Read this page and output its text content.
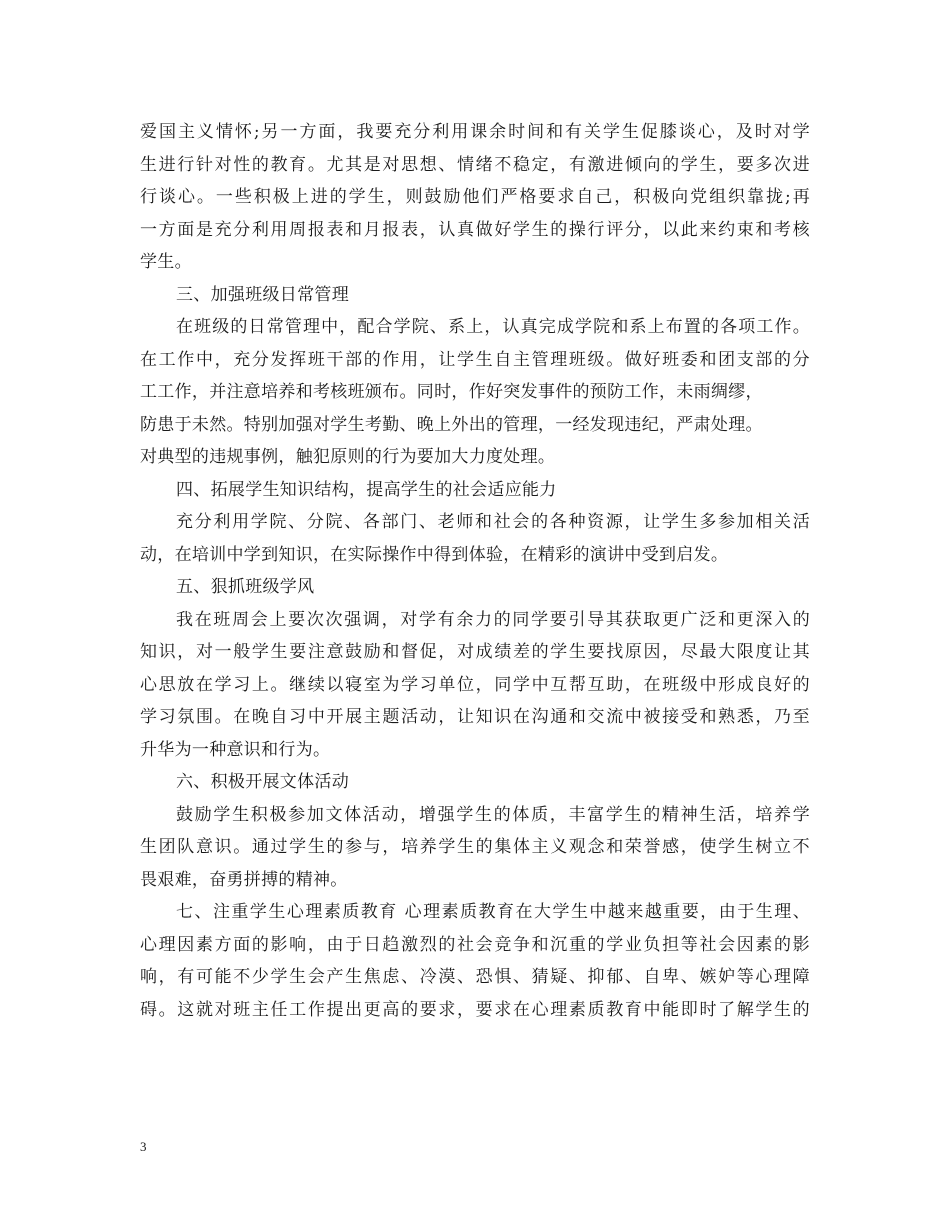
爱国主义情怀;另一方面，我要充分利用课余时间和有关学生促膝谈心，及时对学
生进行针对性的教育。尤其是对思想、情绪不稳定，有激进倾向的学生，要多次进
行谈心。一些积极上进的学生，则鼓励他们严格要求自己，积极向党组织靠拢;再
一方面是充分利用周报表和月报表，认真做好学生的操行评分，以此来约束和考核
学生。
三、加强班级日常管理
在班级的日常管理中，配合学院、系上，认真完成学院和系上布置的各项工作。
在工作中，充分发挥班干部的作用，让学生自主管理班级。做好班委和团支部的分
工工作，并注意培养和考核班颁布。同时，作好突发事件的预防工作，未雨绸缪，
防患于未然。特别加强对学生考勤、晚上外出的管理，一经发现违纪，严肃处理。
对典型的违规事例，触犯原则的行为要加大力度处理。
四、拓展学生知识结构，提高学生的社会适应能力
充分利用学院、分院、各部门、老师和社会的各种资源，让学生多参加相关活
动，在培训中学到知识，在实际操作中得到体验，在精彩的演讲中受到启发。
五、狠抓班级学风
我在班周会上要次次强调，对学有余力的同学要引导其获取更广泛和更深入的
知识，对一般学生要注意鼓励和督促，对成绩差的学生要找原因，尽最大限度让其
心思放在学习上。继续以寝室为学习单位，同学中互帮互助，在班级中形成良好的
学习氛围。在晚自习中开展主题活动，让知识在沟通和交流中被接受和熟悉，乃至
升华为一种意识和行为。
六、积极开展文体活动
鼓励学生积极参加文体活动，增强学生的体质，丰富学生的精神生活，培养学
生团队意识。通过学生的参与，培养学生的集体主义观念和荣誉感，使学生树立不
畏艰难，奋勇拼搏的精神。
七、注重学生心理素质教育 心理素质教育在大学生中越来越重要，由于生理、
心理因素方面的影响，由于日趋激烈的社会竞争和沉重的学业负担等社会因素的影
响，有可能不少学生会产生焦虑、冷漠、恐惧、猜疑、抑郁、自卑、嫉妒等心理障
碍。这就对班主任工作提出更高的要求，要求在心理素质教育中能即时了解学生的
3
